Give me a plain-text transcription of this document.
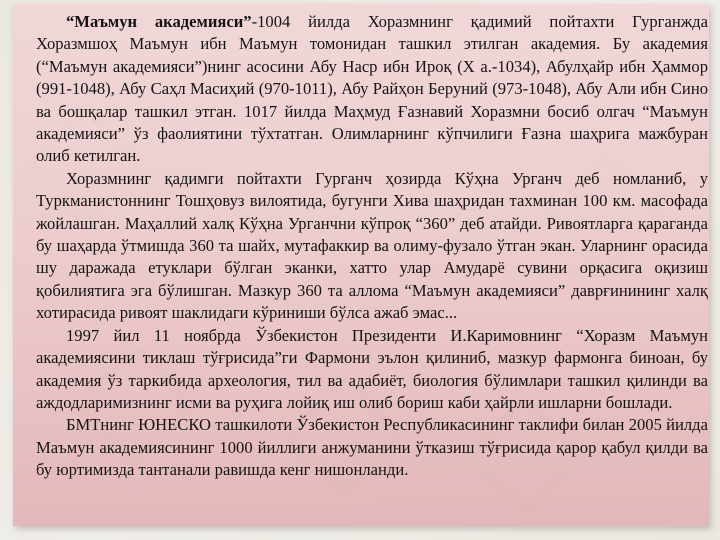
“Маъмун академияси”-1004 йилда Хоразмнинг қадимий пойтахти Гурганжда Хоразмшоҳ Маъмун ибн Маъмун томонидан ташкил этилган академия. Бу академия (“Маъмун академияси”)нинг асосини Абу Наср ибн Ироқ (Х а.-1034), Абулҳайр ибн Ҳаммор (991-1048), Абу Саҳл Масиҳий (970-1011), Абу Райҳон Беруний (973-1048), Абу Али ибн Сино ва бошқалар ташкил этган. 1017 йилда Маҳмуд Ғазнавий Хоразмни босиб олгач “Маъмун академияси” ўз фаолиятини тўхтатган. Олимларнинг кўпчилиги Ғазна шаҳрига мажбуран олиб кетилган.

Хоразмнинг қадимги пойтахти Гурганч ҳозирда Кўҳна Урганч деб номланиб, у Туркманистоннинг Тошҳовуз вилоятида, бугунги Хива шаҳридан тахминан 100 км. масофада жойлашган. Маҳаллий халқ Кўҳна Урганчни кўпроқ “360” деб атайди. Ривоятларга қараганда бу шаҳарда ўтмишда 360 та шайх, мутафаккир ва олиму-фузало ўтган экан. Уларнинг орасида шу даражада етуклари бўлган эканки, хатто улар Амударё сувини орқасига оқизиш қобилиятига эга бўлишган. Мазкур 360 та аллома “Маъмун академияси” даврғинининг халқ хотирасида ривоят шаклидаги кўриниши бўлса ажаб эмас...

1997 йил 11 ноябрда Ўзбекистон Президенти И.Каримовнинг “Хоразм Маъмун академиясини тиклаш тўғрисида”ги Фармони эълон қилиниб, мазкур фармонга биноан, бу академия ўз таркибида археология, тил ва адабиёт, биология бўлимлари ташкил қилинди ва аждодларимизнинг исми ва руҳига лойиқ иш олиб бориш каби ҳайрли ишларни бошлади.

БМТнинг ЮНЕСКО ташкилоти Ўзбекистон Республикасининг таклифи билан 2005 йилда Маъмун академиясининг 1000 йиллиги анжуманини ўтказиш тўғрисида қарор қабул қилди ва бу юртимизда тантанали равишда кенг нишонланди.
